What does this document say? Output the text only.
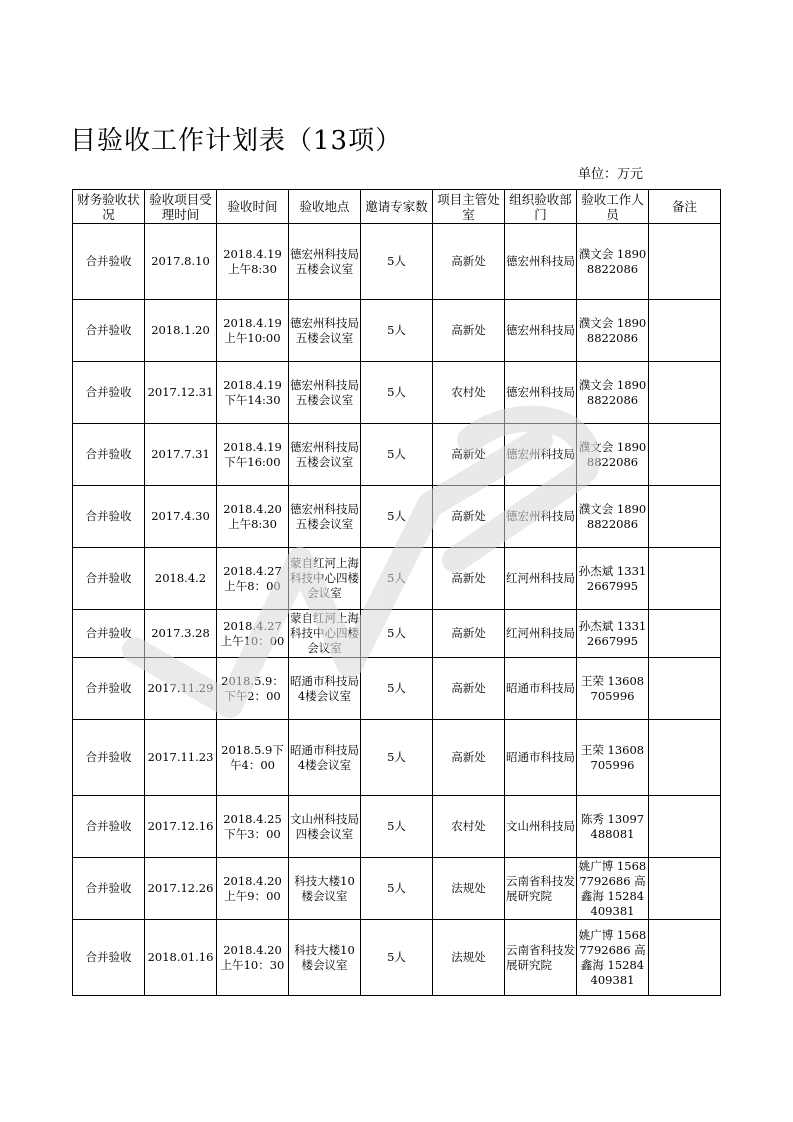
目验收工作计划表（13项）
单位：万元
财务验收状况	验收项目受理时间	验收时间	验收地点	邀请专家数	项目主管处室	组织验收部门	验收工作人员	备注
合并验收	2017.8.10	2018.4.19上午8:30	德宏州科技局五楼会议室	5人	高新处	德宏州科技局	濮文会 18908822086	
合并验收	2018.1.20	2018.4.19上午10:00	德宏州科技局五楼会议室	5人	高新处	德宏州科技局	濮文会 18908822086	
合并验收	2017.12.31	2018.4.19下午14:30	德宏州科技局五楼会议室	5人	农村处	德宏州科技局	濮文会 18908822086	
合并验收	2017.7.31	2018.4.19下午16:00	德宏州科技局五楼会议室	5人	高新处	德宏州科技局	濮文会 18908822086	
合并验收	2017.4.30	2018.4.20上午8:30	德宏州科技局五楼会议室	5人	高新处	德宏州科技局	濮文会 18908822086	
合并验收	2018.4.2	2018.4.27上午8：00	蒙自红河上海科技中心四楼会议室	5人	高新处	红河州科技局	孙杰斌 13312667995	
合并验收	2017.3.28	2018.4.27上午10：00	蒙自红河上海科技中心四楼会议室	5人	高新处	红河州科技局	孙杰斌 13312667995	
合并验收	2017.11.29	2018.5.9：下午2：00	昭通市科技局4楼会议室	5人	高新处	昭通市科技局	王荣 13608705996	
合并验收	2017.11.23	2018.5.9下午4：00	昭通市科技局4楼会议室	5人	高新处	昭通市科技局	王荣 13608705996	
合并验收	2017.12.16	2018.4.25下午3：00	文山州科技局四楼会议室	5人	农村处	文山州科技局	陈秀 13097488081	
合并验收	2017.12.26	2018.4.20上午9：00	科技大楼10楼会议室	5人	法规处	云南省科技发展研究院	姚广博 15687792686 高鑫海 15284409381	
合并验收	2018.01.16	2018.4.20上午10：30	科技大楼10楼会议室	5人	法规处	云南省科技发展研究院	姚广博 15687792686 高鑫海 15284409381	
